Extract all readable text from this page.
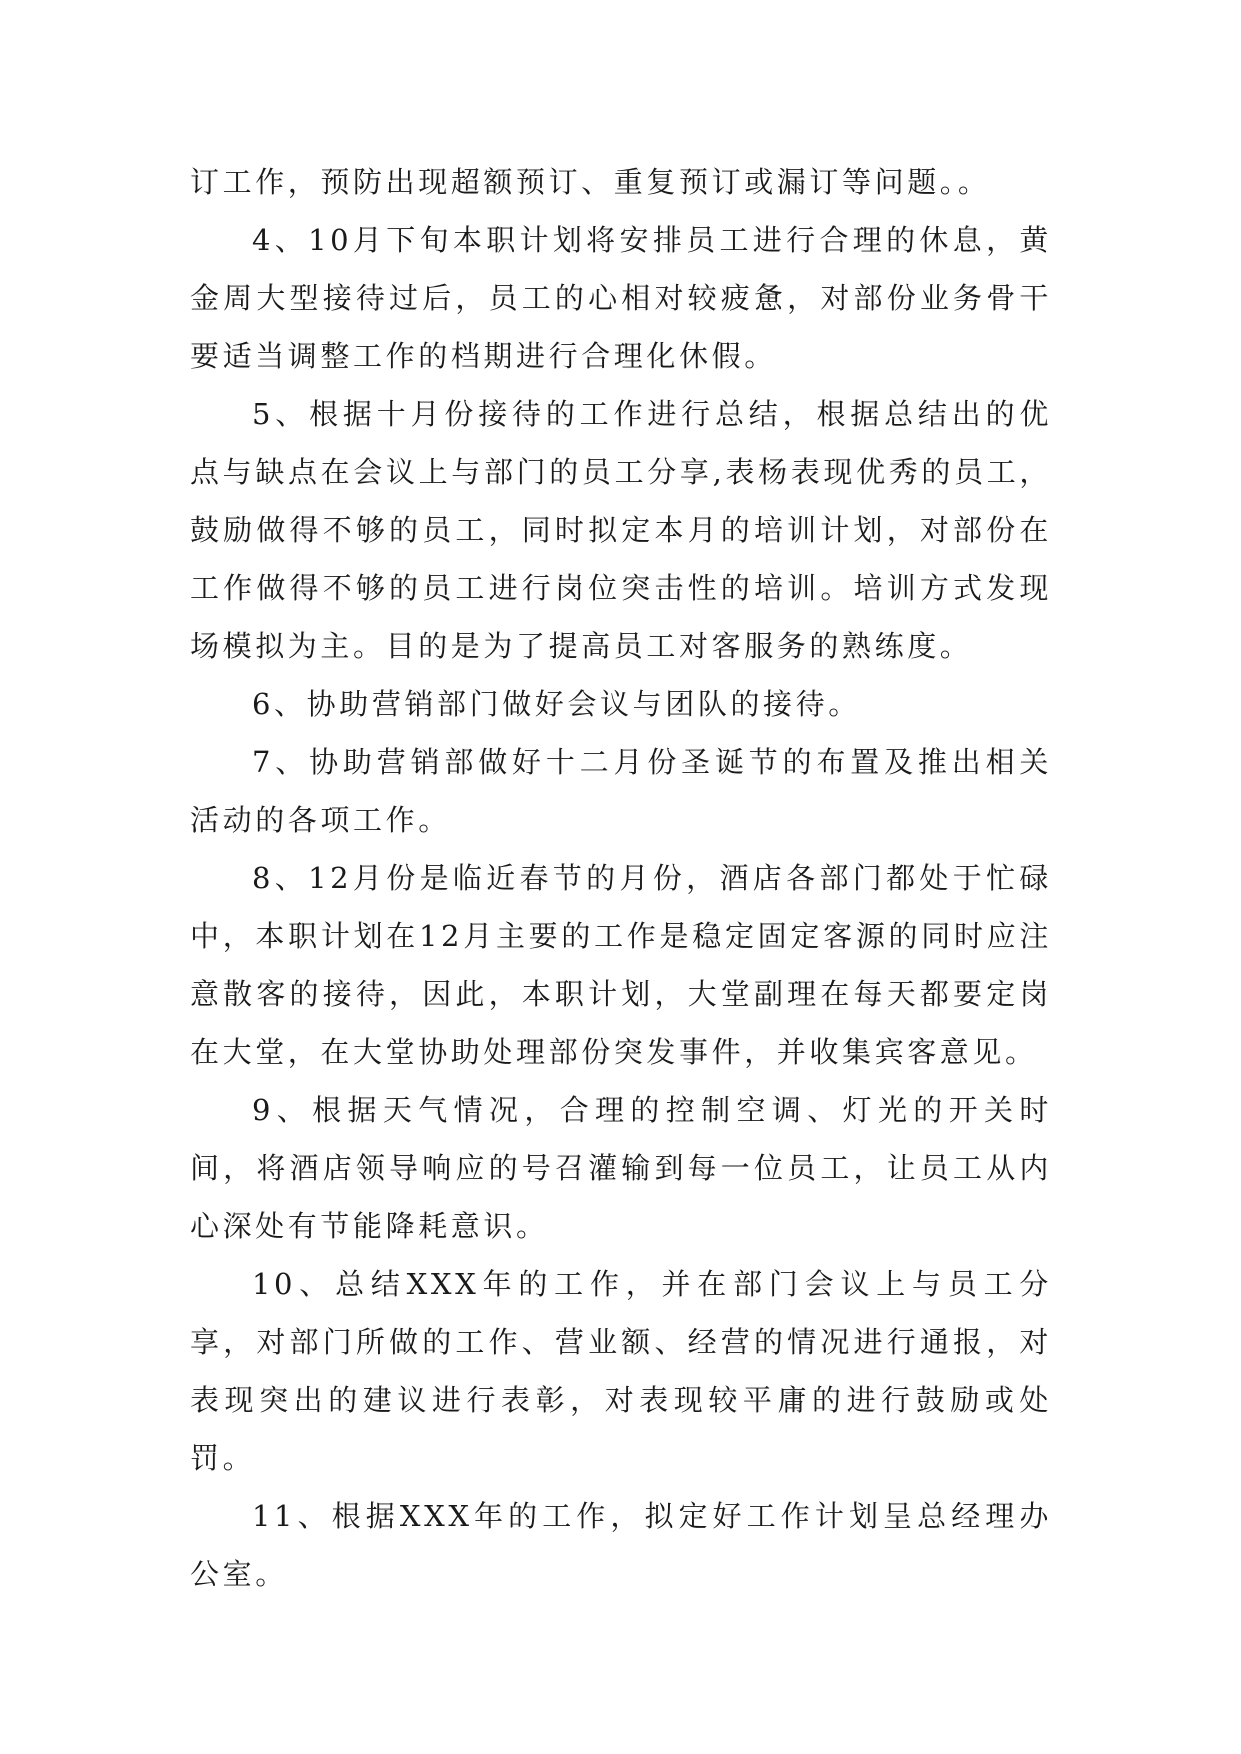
订工作，预防出现超额预订、重复预订或漏订等问题。。

4、10月下旬本职计划将安排员工进行合理的休息，黄金周大型接待过后，员工的心相对较疲惫，对部份业务骨干要适当调整工作的档期进行合理化休假。

5、根据十月份接待的工作进行总结，根据总结出的优点与缺点在会议上与部门的员工分享,表杨表现优秀的员工，鼓励做得不够的员工，同时拟定本月的培训计划，对部份在工作做得不够的员工进行岗位突击性的培训。培训方式发现场模拟为主。目的是为了提高员工对客服务的熟练度。

6、协助营销部门做好会议与团队的接待。

7、协助营销部做好十二月份圣诞节的布置及推出相关活动的各项工作。

8、12月份是临近春节的月份，酒店各部门都处于忙碌中，本职计划在12月主要的工作是稳定固定客源的同时应注意散客的接待，因此，本职计划，大堂副理在每天都要定岗在大堂，在大堂协助处理部份突发事件，并收集宾客意见。

9、根据天气情况，合理的控制空调、灯光的开关时间，将酒店领导响应的号召灌输到每一位员工，让员工从内心深处有节能降耗意识。

10、总结XXX年的工作，并在部门会议上与员工分享，对部门所做的工作、营业额、经营的情况进行通报，对表现突出的建议进行表彰，对表现较平庸的进行鼓励或处罚。

11、根据XXX年的工作，拟定好工作计划呈总经理办公室。
